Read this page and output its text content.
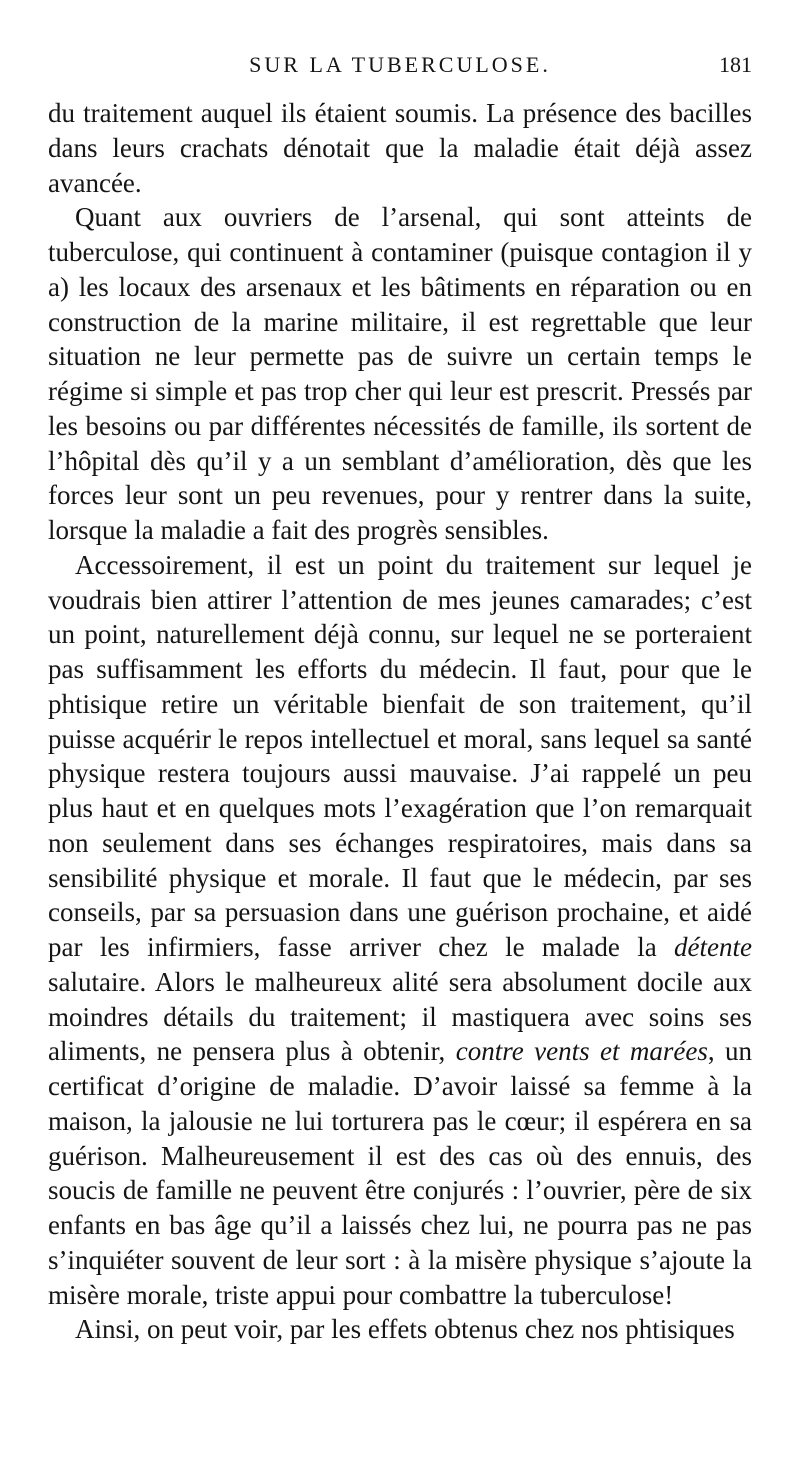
SUR LA TUBERCULOSE.	181

du traitement auquel ils étaient soumis. La présence des bacilles dans leurs crachats dénotait que la maladie était déjà assez avancée.

Quant aux ouvriers de l’arsenal, qui sont atteints de tuberculose, qui continuent à contaminer (puisque contagion il y a) les locaux des arsenaux et les bâtiments en réparation ou en construction de la marine militaire, il est regrettable que leur situation ne leur permette pas de suivre un certain temps le régime si simple et pas trop cher qui leur est prescrit. Pressés par les besoins ou par différentes nécessités de famille, ils sortent de l’hôpital dès qu’il y a un semblant d’amélioration, dès que les forces leur sont un peu revenues, pour y rentrer dans la suite, lorsque la maladie a fait des progrès sensibles.

Accessoirement, il est un point du traitement sur lequel je voudrais bien attirer l’attention de mes jeunes camarades; c’est un point, naturellement déjà connu, sur lequel ne se porteraient pas suffisamment les efforts du médecin. Il faut, pour que le phtisique retire un véritable bienfait de son traitement, qu’il puisse acquérir le repos intellectuel et moral, sans lequel sa santé physique restera toujours aussi mauvaise. J’ai rappelé un peu plus haut et en quelques mots l’exagération que l’on remarquait non seulement dans ses échanges respiratoires, mais dans sa sensibilité physique et morale. Il faut que le médecin, par ses conseils, par sa persuasion dans une guérison prochaine, et aidé par les infirmiers, fasse arriver chez le malade la détente salutaire. Alors le malheureux alité sera absolument docile aux moindres détails du traitement; il mastiquera avec soins ses aliments, ne pensera plus à obtenir, contre vents et marées, un certificat d’origine de maladie. D’avoir laissé sa femme à la maison, la jalousie ne lui torturera pas le cœur; il espérera en sa guérison. Malheureusement il est des cas où des ennuis, des soucis de famille ne peuvent être conjurés : l’ouvrier, père de six enfants en bas âge qu’il a laissés chez lui, ne pourra pas ne pas s’inquiéter souvent de leur sort : à la misère physique s’ajoute la misère morale, triste appui pour combattre la tuberculose!

Ainsi, on peut voir, par les effets obtenus chez nos phtisiques
